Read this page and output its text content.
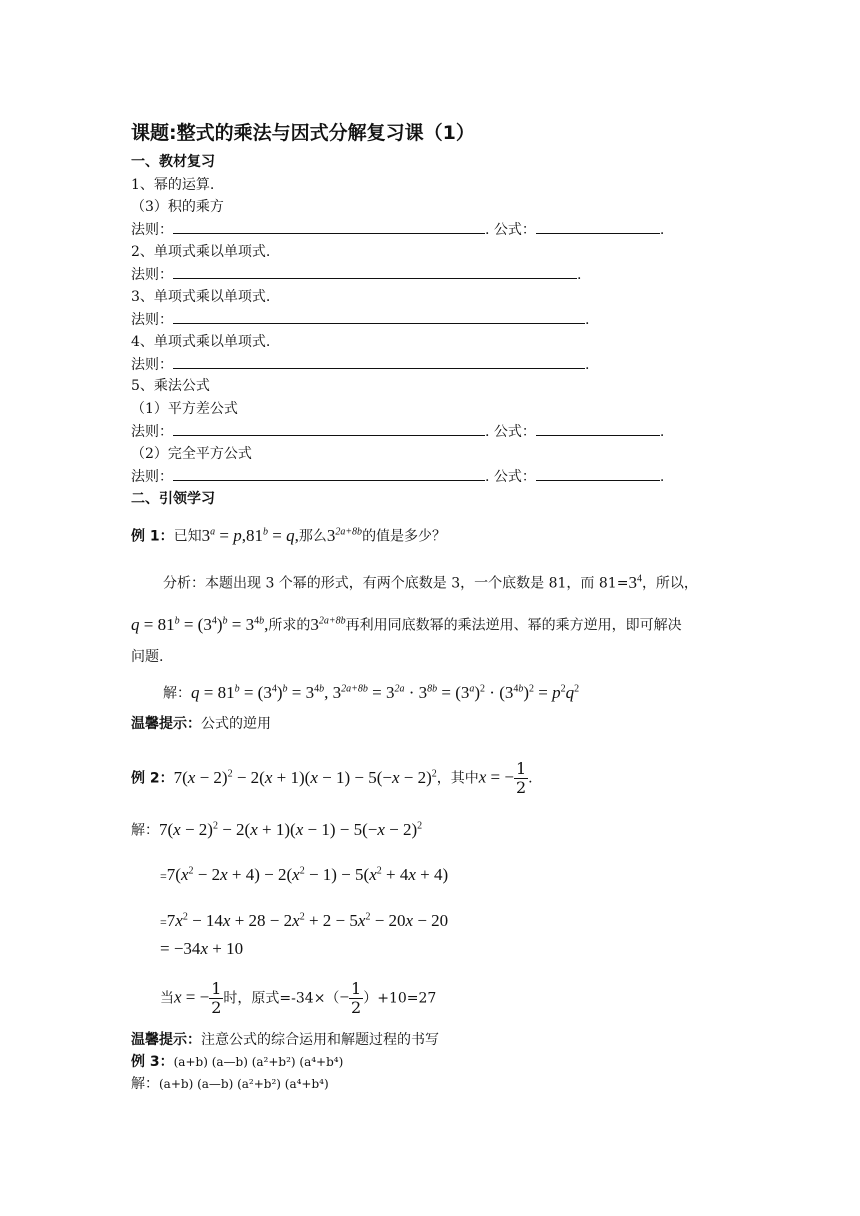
课题:整式的乘法与因式分解复习课（1）
一、教材复习
1、幂的运算.
（3）积的乘方
法则：	. 公式：	.
2、单项式乘以单项式.
法则：	.
3、单项式乘以单项式.
法则：	.
4、单项式乘以单项式.
法则：	.
5、乘法公式
（1）平方差公式
法则：	. 公式：	.
（2）完全平方公式
法则：	. 公式：	.
二、引领学习
例 1：已知$3^a = p,81^b = q$,那么$3^{2a+8b}$的值是多少？
分析：本题出现 3 个幂的形式，有两个底数是 3，一个底数是 81，而 $81=3^4$，所以，
$q = 81^b = (3^4)^b = 3^{4b}$,所求的$3^{2a+8b}$再利用同底数幂的乘法逆用、幂的乘方逆用，即可解决
问题.
解：$q = 81^b = (3^4)^b = 3^{4b}$, $3^{2a+8b} = 3^{2a} \cdot 3^{8b} = (3^a)^2 \cdot (3^{4b})^2 = p^2q^2$
温馨提示：公式的逆用
例 2：$7(x - 2)^2 - 2(x + 1)(x - 1) - 5(-x - 2)^2$，其中x = − $\frac{1}{2}$ .
解：$7(x - 2)^2 - 2(x + 1)(x - 1) - 5(-x - 2)^2$
$=7(x^2 - 2x + 4) - 2(x^2 - 1) - 5(x^2 + 4x + 4)$
$=7x^2 - 14x + 28 - 2x^2 + 2 - 5x^2 - 20x - 20$
= −34x + 10
当x = − $\frac{1}{2}$ 时，原式$=-34\times(- \frac{1}{2} )+10=27$
温馨提示：注意公式的综合运用和解题过程的书写
例 3：(a+b) (a—b) (a²+b²) (a⁴+b⁴)
解：(a+b) (a—b) (a²+b²) (a⁴+b⁴)
